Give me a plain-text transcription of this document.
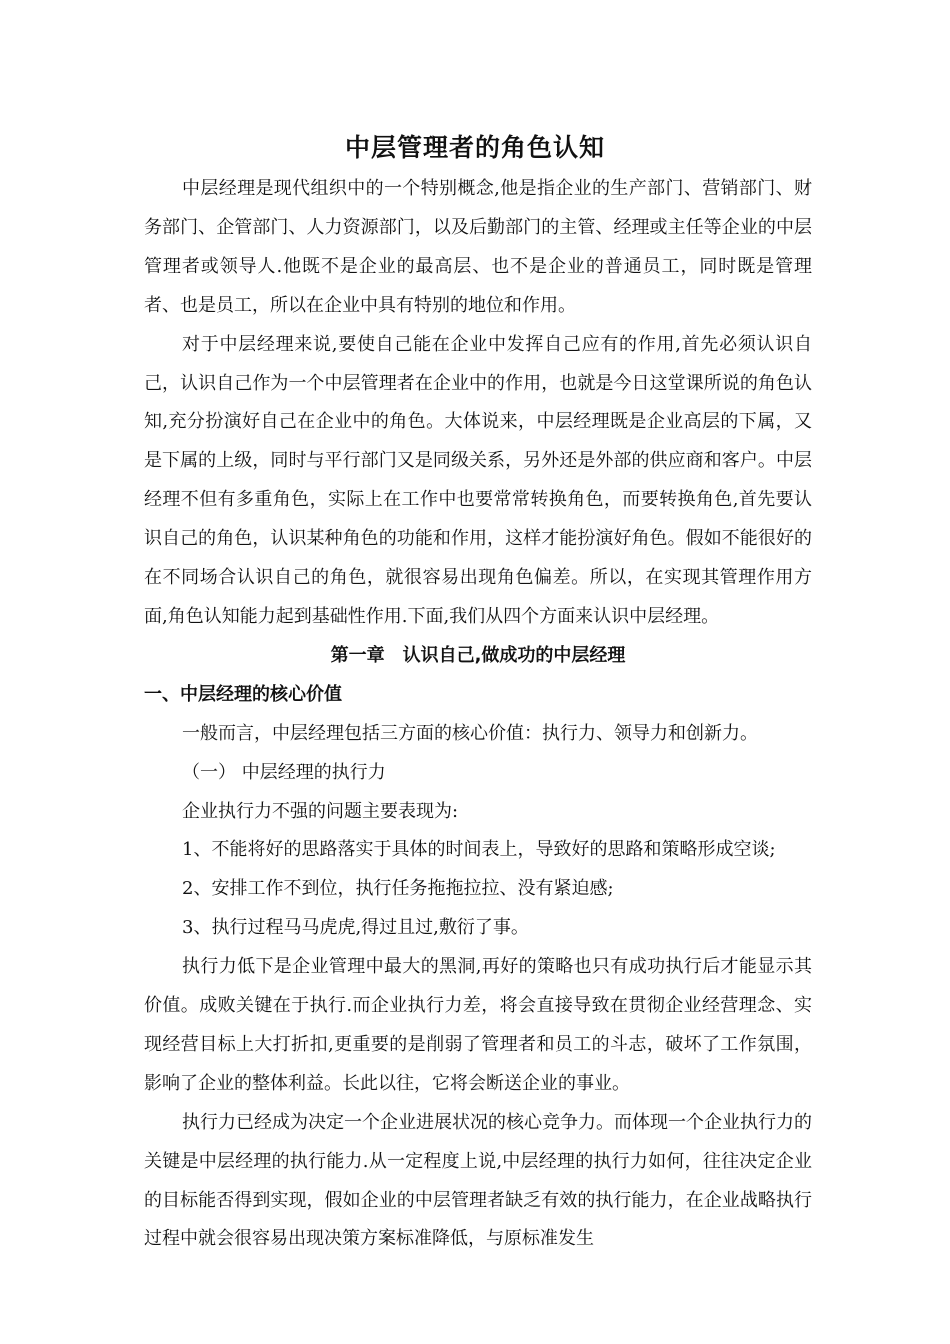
中层管理者的角色认知

中层经理是现代组织中的一个特别概念,他是指企业的生产部门、营销部门、财务部门、企管部门、人力资源部门，以及后勤部门的主管、经理或主任等企业的中层管理者或领导人.他既不是企业的最高层、也不是企业的普通员工，同时既是管理者、也是员工，所以在企业中具有特别的地位和作用。

对于中层经理来说,要使自己能在企业中发挥自己应有的作用,首先必须认识自己，认识自己作为一个中层管理者在企业中的作用，也就是今日这堂课所说的角色认知,充分扮演好自己在企业中的角色。大体说来，中层经理既是企业高层的下属，又是下属的上级，同时与平行部门又是同级关系，另外还是外部的供应商和客户。中层经理不但有多重角色，实际上在工作中也要常常转换角色，而要转换角色,首先要认识自己的角色，认识某种角色的功能和作用，这样才能扮演好角色。假如不能很好的在不同场合认识自己的角色，就很容易出现角色偏差。所以，在实现其管理作用方面,角色认知能力起到基础性作用.下面,我们从四个方面来认识中层经理。

第一章　认识自己,做成功的中层经理

一、中层经理的核心价值

一般而言，中层经理包括三方面的核心价值：执行力、领导力和创新力。

（一） 中层经理的执行力

企业执行力不强的问题主要表现为:

1、不能将好的思路落实于具体的时间表上，导致好的思路和策略形成空谈;

2、安排工作不到位，执行任务拖拖拉拉、没有紧迫感;

3、执行过程马马虎虎,得过且过,敷衍了事。

执行力低下是企业管理中最大的黑洞,再好的策略也只有成功执行后才能显示其价值。成败关键在于执行.而企业执行力差，将会直接导致在贯彻企业经营理念、实现经营目标上大打折扣,更重要的是削弱了管理者和员工的斗志，破坏了工作氛围，影响了企业的整体利益。长此以往，它将会断送企业的事业。

执行力已经成为决定一个企业进展状况的核心竞争力。而体现一个企业执行力的关键是中层经理的执行能力.从一定程度上说,中层经理的执行力如何，往往决定企业的目标能否得到实现，假如企业的中层管理者缺乏有效的执行能力，在企业战略执行过程中就会很容易出现决策方案标准降低，与原标准发生
